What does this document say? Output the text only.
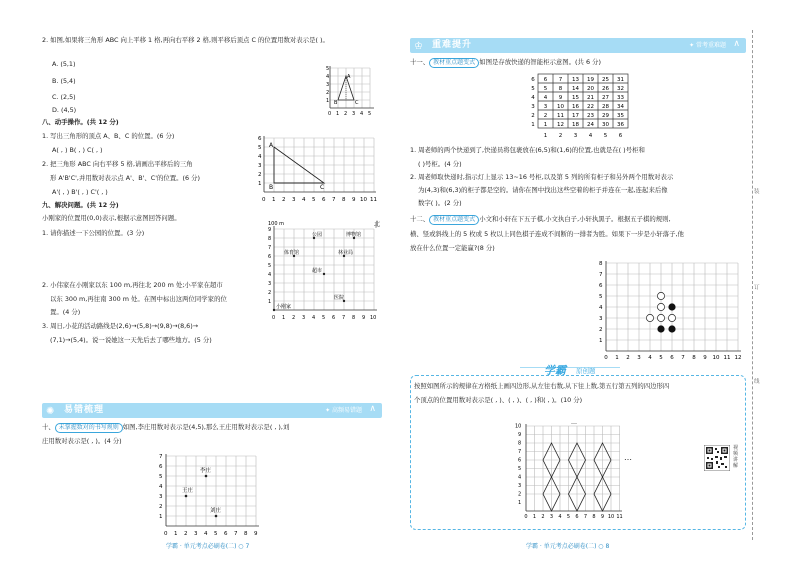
2. 如图,如果将三角形 ABC 向上平移 1 格,再向右平移 2 格,则平移后顶点 C 的位置用数对表示是( )。
A. (5,1)
B. (5,4)
C. (2,5)
D. (4,5)
A
B	C
1
2
3
4
5
0 1 2 3 4 5
八、动手操作。(共 12 分)
1. 写出三角形的顶点 A、B、C 的位置。(6 分)
A( , ) B( , ) C( , )
2. 把三角形 ABC 向右平移 5 格,请画出平移后的三角
形 A'B'C',并用数对表示点 A'、B'、C'的位置。(6 分)
A'( , ) B'( , ) C'( , )
A
B	C
1
2
3
4
5
6
0 1 2 3 4 5 6 7 8 9 10 11
九、解决问题。(共 12 分)
小刚家的位置用(0,0)表示,根据示意图回答问题。
1. 请你描述一下公园的位置。(3 分)
2. 小伟家在小刚家以东 100 m,再往北 200 m 处;小平家在超市
以东 300 m,再往南 300 m 处。在图中标出这两位同学家的位
置。(4 分)
3. 周日,小花的活动路线是(2,6)→(5,8)→(9,8)→(8,6)→
(7,1)→(5,4)。说一说她这一天先后去了哪些地方。(5 分)
100 m	北
公园	博物馆
体育馆	林业局
超市
医院
小刚家
1
2
3
4
5
6
7
8
9
0 1 2 3 4 5 6 7 8 9 10
✺ 易错梳理	✦ 高频易错题 ∧
十、 未掌握数对的书写规则 如图,李庄用数对表示是(4,5),那么王庄用数对表示是( , ),刘
庄用数对表示是( , )。(4 分)
李庄
王庄
刘庄
1
2
3
4
5
6
7
0 1 2 3 4 5 6 7 8 9
学霸 · 单元考点必刷卷(二) ○ 7
♔ 重难提升	✦ 常考重难题 ∧
十一、 教材重点题变式 如图是存放快递的智能柜示意图。(共 6 分)
6 7 13 19 25 31
5 8 14 20 26 32
4 9 15 21 27 33
3 10 16 22 28 34
2 11 17 23 29 35
1 12 18 24 30 36
6
5
4
3
2
1
1 2 3 4 5 6
1. 周老师的两个快递到了,快递员将包裹放在(6,5)和(1,6)的位置,也就是在( )号柜和
( )号柜。(4 分)
2. 周老师取快递时,指示灯上显示 13~16 号柜,以及第 5 列的所有柜子和另外两个用数对表示
为(4,3)和(6,3)的柜子都是空的。请你在图中找出这些空着的柜子并连在一起,连起来后像
数字( )。(2 分)
十二、 教材重点题变式 小文和小轩在下五子棋,小文执白子,小轩执黑子。根据五子棋的规则,
横、竖或斜线上的 5 枚或 5 枚以上同色棋子连成不间断的一排者为胜。如果下一步是小轩落子,他
放在什么位置一定能赢?(8 分)
1
2
3
4
5
6
7
8
0 1 2 3 4 5 6 7 8 9 10 11 12
学霸 原创题
按照如图所示的规律在方格纸上画四边形,从左往右数,从下往上数,第五行第五列的四边形四
个顶点的位置用数对表示是( , )、( , )、( , )和( , )。(10 分)
…
1
2
3
4
5
6
7
8
9
10
0 1 2 3 4 5 6 7 8 9 10 11
…
视频讲解
学霸 · 单元考点必刷卷(二) ○ 8
装
订
线
